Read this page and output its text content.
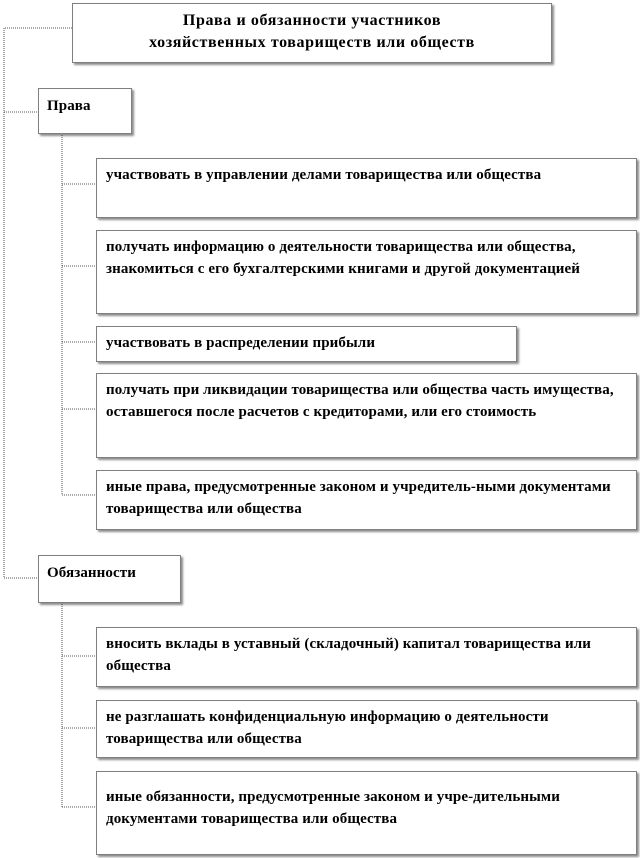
Права и обязанности участников
хозяйственных товариществ или обществ
Права
участвовать в управлении делами товарищества или общества
получать информацию о деятельности товарищества или общества, знакомиться с его бухгалтерскими книгами и другой документацией
участвовать в распределении прибыли
получать при ликвидации товарищества или общества часть имущества, оставшегося после расчетов с кредиторами, или его стоимость
иные права, предусмотренные законом и учредитель-ными документами товарищества или общества
Обязанности
вносить вклады в уставный (складочный) капитал товарищества или общества
не разглашать конфиденциальную информацию о деятельности товарищества или общества
иные обязанности, предусмотренные законом и учре-дительными документами товарищества или общества
